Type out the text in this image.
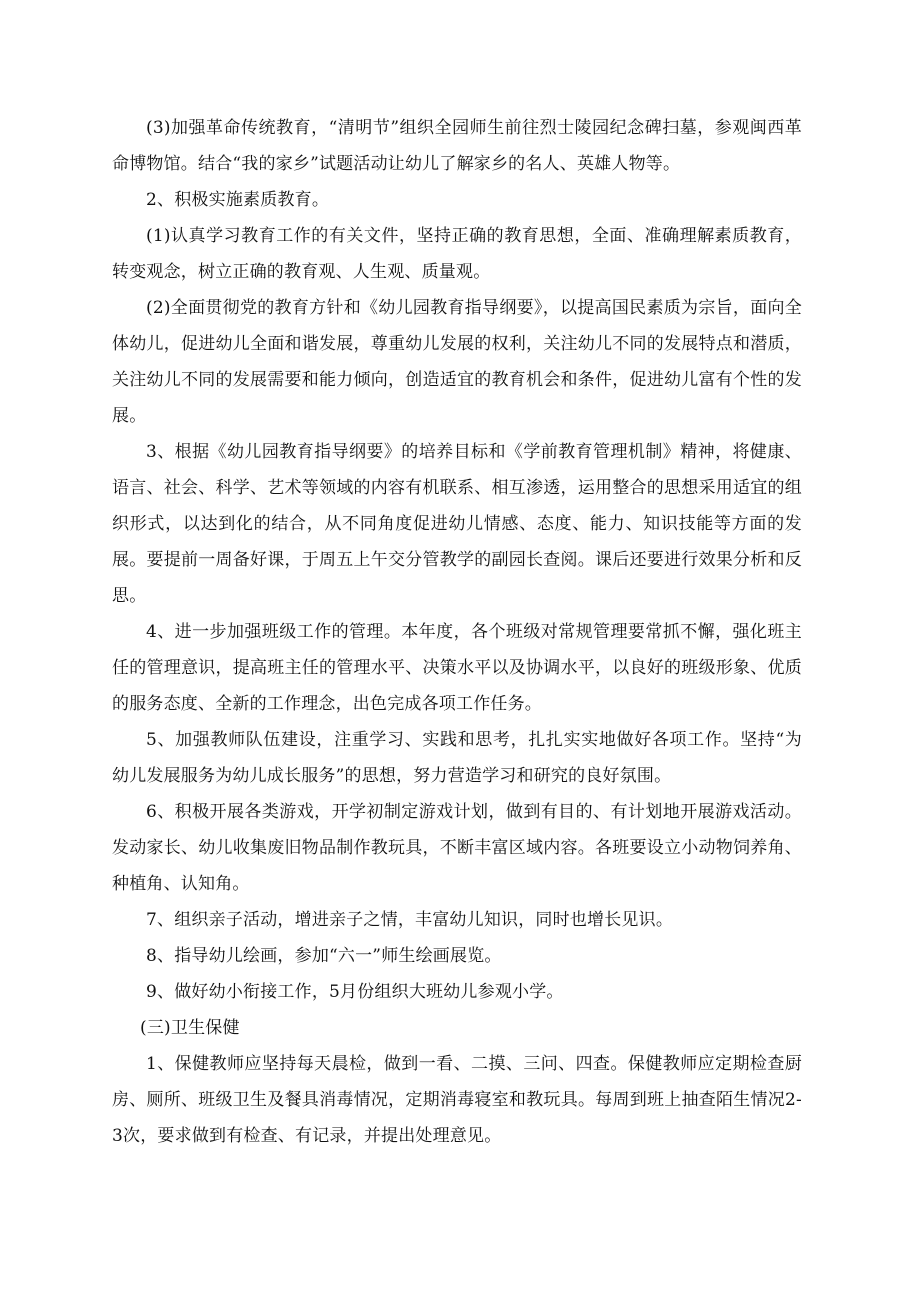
(3)加强革命传统教育，“清明节”组织全园师生前往烈士陵园纪念碑扫墓，参观闽西革命博物馆。结合“我的家乡”试题活动让幼儿了解家乡的名人、英雄人物等。

2、积极实施素质教育。

(1)认真学习教育工作的有关文件，坚持正确的教育思想，全面、准确理解素质教育，转变观念，树立正确的教育观、人生观、质量观。

(2)全面贯彻党的教育方针和《幼儿园教育指导纲要》，以提高国民素质为宗旨，面向全体幼儿，促进幼儿全面和谐发展，尊重幼儿发展的权利，关注幼儿不同的发展特点和潜质，关注幼儿不同的发展需要和能力倾向，创造适宜的教育机会和条件，促进幼儿富有个性的发展。

3、根据《幼儿园教育指导纲要》的培养目标和《学前教育管理机制》精神，将健康、语言、社会、科学、艺术等领域的内容有机联系、相互渗透，运用整合的思想采用适宜的组织形式，以达到化的结合，从不同角度促进幼儿情感、态度、能力、知识技能等方面的发展。要提前一周备好课，于周五上午交分管教学的副园长查阅。课后还要进行效果分析和反思。

4、进一步加强班级工作的管理。本年度，各个班级对常规管理要常抓不懈，强化班主任的管理意识，提高班主任的管理水平、决策水平以及协调水平，以良好的班级形象、优质的服务态度、全新的工作理念，出色完成各项工作任务。

5、加强教师队伍建设，注重学习、实践和思考，扎扎实实地做好各项工作。坚持“为幼儿发展服务为幼儿成长服务”的思想，努力营造学习和研究的良好氛围。

6、积极开展各类游戏，开学初制定游戏计划，做到有目的、有计划地开展游戏活动。发动家长、幼儿收集废旧物品制作教玩具，不断丰富区域内容。各班要设立小动物饲养角、种植角、认知角。

7、组织亲子活动，增进亲子之情，丰富幼儿知识，同时也增长见识。

8、指导幼儿绘画，参加“六一”师生绘画展览。

9、做好幼小衔接工作，5月份组织大班幼儿参观小学。

(三)卫生保健

1、保健教师应坚持每天晨检，做到一看、二摸、三问、四查。保健教师应定期检查厨房、厕所、班级卫生及餐具消毒情况，定期消毒寝室和教玩具。每周到班上抽查陌生情况2-3次，要求做到有检查、有记录，并提出处理意见。
